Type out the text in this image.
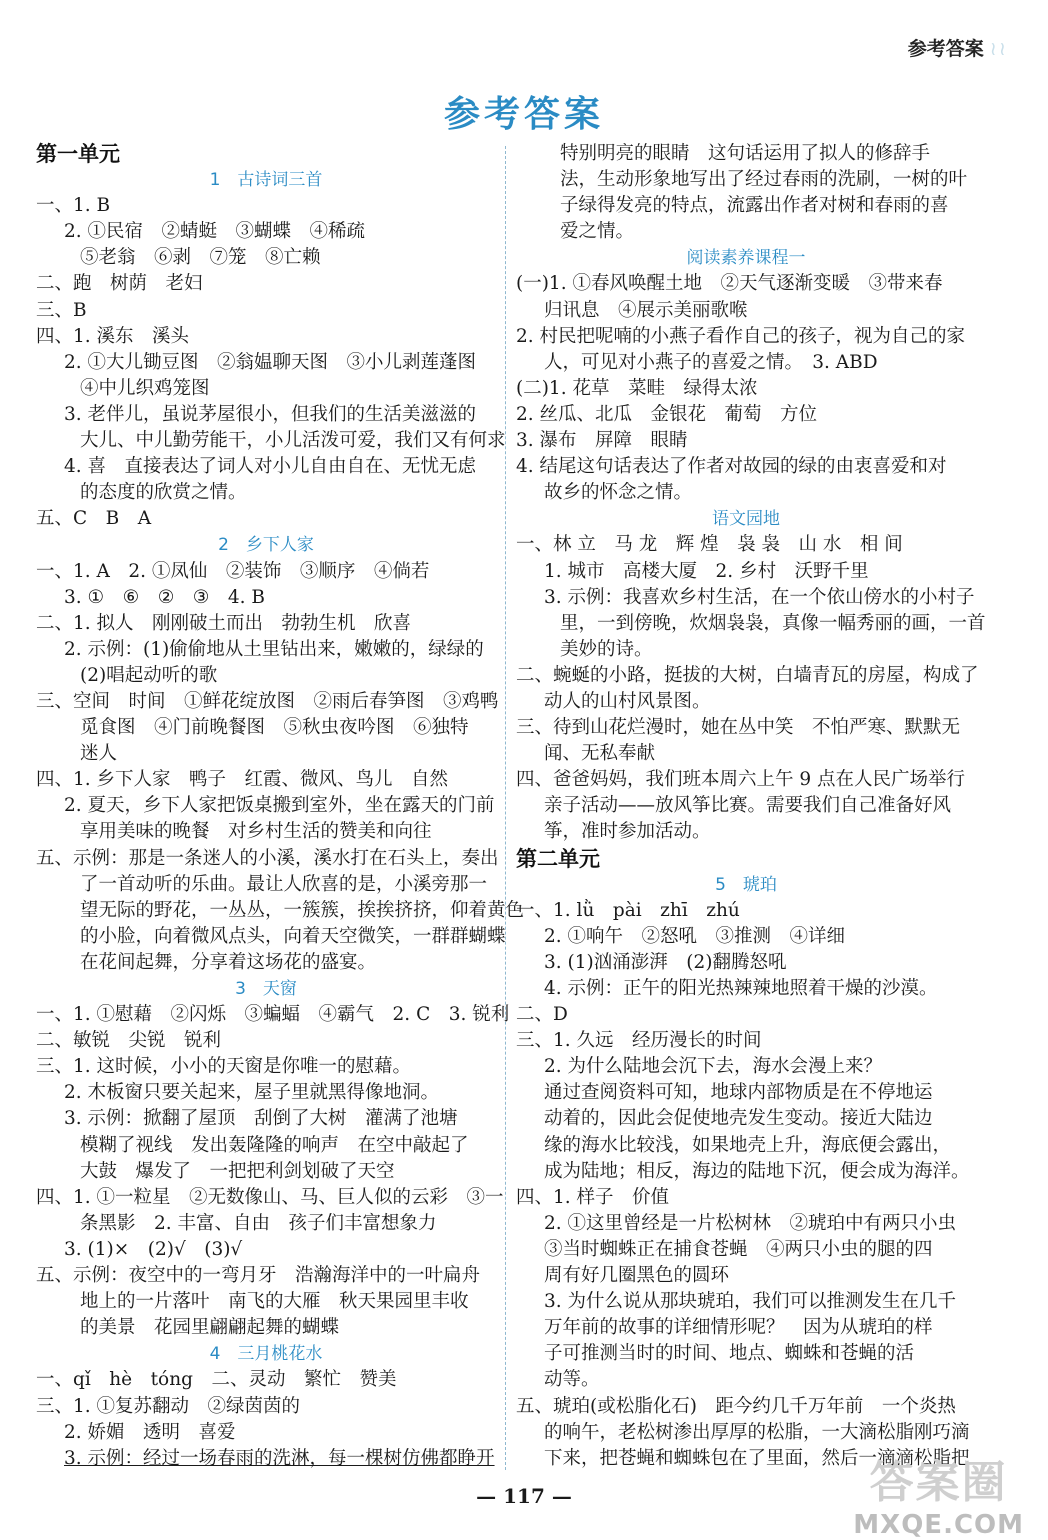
参考答案 ≀≀
参考答案
第一单元
1　古诗词三首
一、1. B
2. ①民宿　②蜻蜓　③蝴蝶　④稀疏
⑤老翁　⑥剥　⑦笼　⑧亡赖
二、跑　树荫　老妇
三、B
四、1. 溪东　溪头
2. ①大儿锄豆图　②翁媪聊天图　③小儿剥莲蓬图
④中儿织鸡笼图
3. 老伴儿，虽说茅屋很小，但我们的生活美滋滋的
大儿、中儿勤劳能干，小儿活泼可爱，我们又有何求
4. 喜　直接表达了词人对小儿自由自在、无忧无虑
的态度的欣赏之情。
五、C　B　A
2　乡下人家
一、1. A　2. ①凤仙　②装饰　③顺序　④倘若
3. ①　⑥　②　③　4. B
二、1. 拟人　刚刚破土而出　勃勃生机　欣喜
2. 示例：(1)偷偷地从土里钻出来，嫩嫩的，绿绿的
(2)唱起动听的歌
三、空间　时间　①鲜花绽放图　②雨后春笋图　③鸡鸭
觅食图　④门前晚餐图　⑤秋虫夜吟图　⑥独特
迷人
四、1. 乡下人家　鸭子　红霞、微风、鸟儿　自然
2. 夏天，乡下人家把饭桌搬到室外，坐在露天的门前
享用美味的晚餐　对乡村生活的赞美和向往
五、示例：那是一条迷人的小溪，溪水打在石头上，奏出
了一首动听的乐曲。最让人欣喜的是，小溪旁那一
望无际的野花，一丛丛，一簇簇，挨挨挤挤，仰着黄色
的小脸，向着微风点头，向着天空微笑，一群群蝴蝶
在花间起舞，分享着这场花的盛宴。
3　天窗
一、1. ①慰藉　②闪烁　③蝙蝠　④霸气　2. C　3. 锐利
二、敏锐　尖锐　锐利
三、1. 这时候，小小的天窗是你唯一的慰藉。
2. 木板窗只要关起来，屋子里就黑得像地洞。
3. 示例：掀翻了屋顶　刮倒了大树　灌满了池塘
模糊了视线　发出轰隆隆的响声　在空中敲起了
大鼓　爆发了　一把把利剑划破了天空
四、1. ①一粒星　②无数像山、马、巨人似的云彩　③一
条黑影　2. 丰富、自由　孩子们丰富想象力
3. (1)×　(2)√　(3)√
五、示例：夜空中的一弯月牙　浩瀚海洋中的一叶扁舟
地上的一片落叶　南飞的大雁　秋天果园里丰收
的美景　花园里翩翩起舞的蝴蝶
4　三月桃花水
一、qǐ　hè　tóng　二、灵动　繁忙　赞美
三、1. ①复苏翻动　②绿茵茵的
2. 娇媚　透明　喜爱
3. 示例：经过一场春雨的洗淋，每一棵树仿佛都睁开
特别明亮的眼睛　这句话运用了拟人的修辞手
法，生动形象地写出了经过春雨的洗刷，一树的叶
子绿得发亮的特点，流露出作者对树和春雨的喜
爱之情。
阅读素养课程一
(一)1. ①春风唤醒土地　②天气逐渐变暖　③带来春
归讯息　④展示美丽歌喉
2. 村民把呢喃的小燕子看作自己的孩子，视为自己的家
人，可见对小燕子的喜爱之情。　3. ABD
(二)1. 花草　菜畦　绿得太浓
2. 丝瓜、北瓜　金银花　葡萄　方位
3. 瀑布　屏障　眼睛
4. 结尾这句话表达了作者对故园的绿的由衷喜爱和对
故乡的怀念之情。
语文园地
一、林 立　马 龙　辉 煌　袅 袅　山 水　相 间
1. 城市　高楼大厦　2. 乡村　沃野千里
3. 示例：我喜欢乡村生活，在一个依山傍水的小村子
里，一到傍晚，炊烟袅袅，真像一幅秀丽的画，一首
美妙的诗。
二、蜿蜒的小路，挺拔的大树，白墙青瓦的房屋，构成了
动人的山村风景图。
三、待到山花烂漫时，她在丛中笑　不怕严寒、默默无
闻、无私奉献
四、爸爸妈妈，我们班本周六上午 9 点在人民广场举行
亲子活动——放风筝比赛。需要我们自己准备好风
筝，准时参加活动。
第二单元
5　琥珀
一、1. lǜ　pài　zhī　zhú
2. ①响午　②怒吼　③推测　④详细
3. (1)汹涌澎湃　(2)翻腾怒吼
4. 示例：正午的阳光热辣辣地照着干燥的沙漠。
二、D
三、1. 久远　经历漫长的时间
2. 为什么陆地会沉下去，海水会漫上来？
通过查阅资料可知，地球内部物质是在不停地运
动着的，因此会促使地壳发生变动。接近大陆边
缘的海水比较浅，如果地壳上升，海底便会露出，
成为陆地；相反，海边的陆地下沉，便会成为海洋。
四、1. 样子　价值
2. ①这里曾经是一片松树林　②琥珀中有两只小虫
③当时蜘蛛正在捕食苍蝇　④两只小虫的腿的四
周有好几圈黑色的圆环
3. 为什么说从那块琥珀，我们可以推测发生在几千
万年前的故事的详细情形呢？　因为从琥珀的样
子可推测当时的时间、地点、蜘蛛和苍蝇的活
动等。
五、琥珀(或松脂化石)　距今约几千万年前　一个炎热
的响午，老松树渗出厚厚的松脂，一大滴松脂刚巧滴
下来，把苍蝇和蜘蛛包在了里面，然后一滴滴松脂把
— 117 —	答案圈
MXQE.COM
